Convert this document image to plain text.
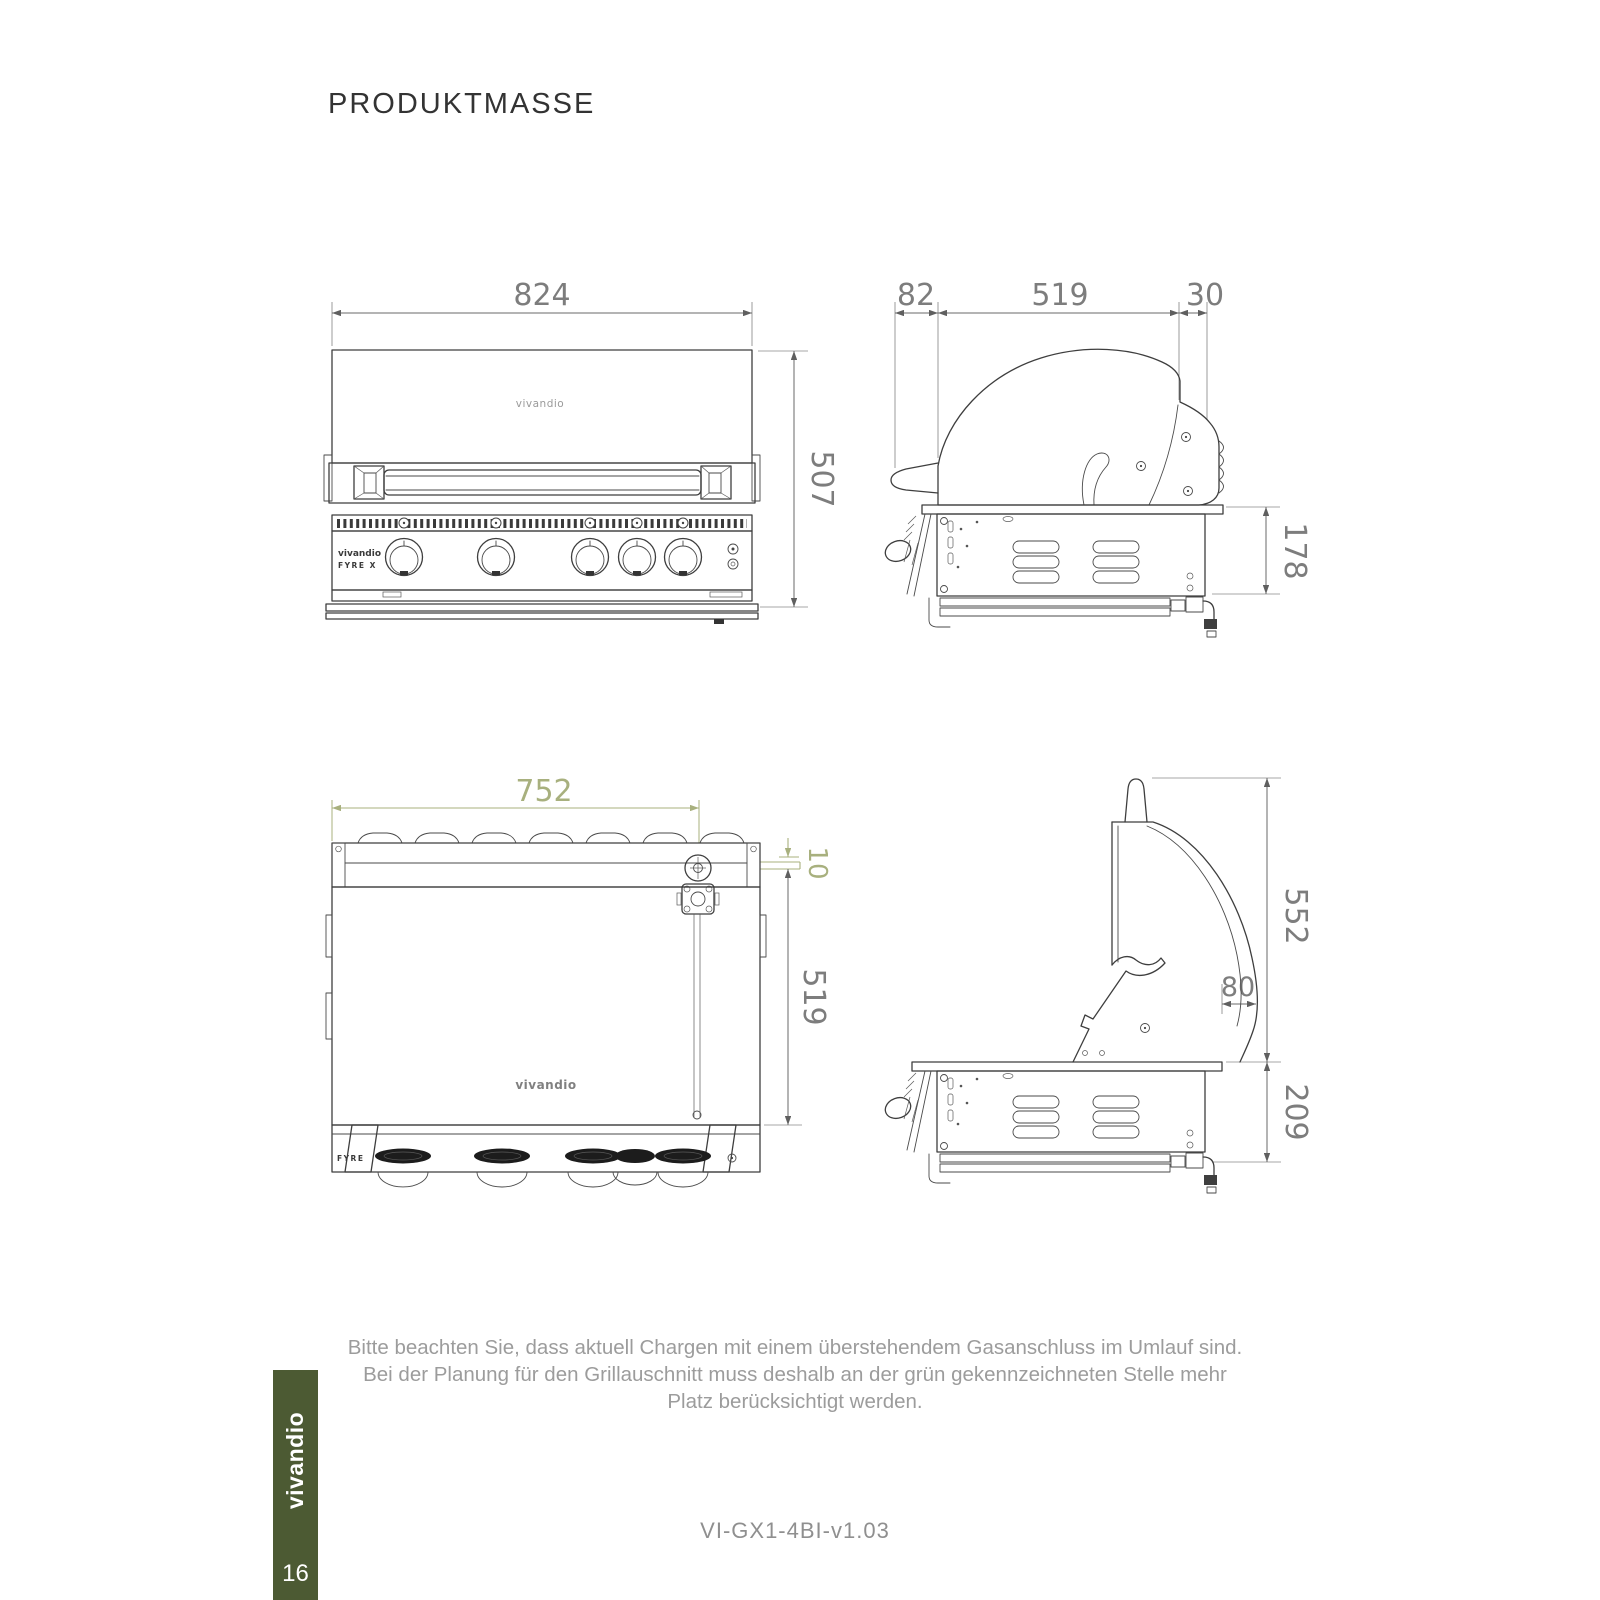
PRODUKTMASSE
824
507
vivandio
vivandio
FYRE X
82	519	30
178
752
10
519
vivandio
FYRE
552
80
209
Bitte beachten Sie, dass aktuell Chargen mit einem überstehendem Gasanschluss im Umlauf sind.
Bei der Planung für den Grillauschnitt muss deshalb an der grün gekennzeichneten Stelle mehr
Platz berücksichtigt werden.
VI-GX1-4BI-v1.03
vivandio
16
